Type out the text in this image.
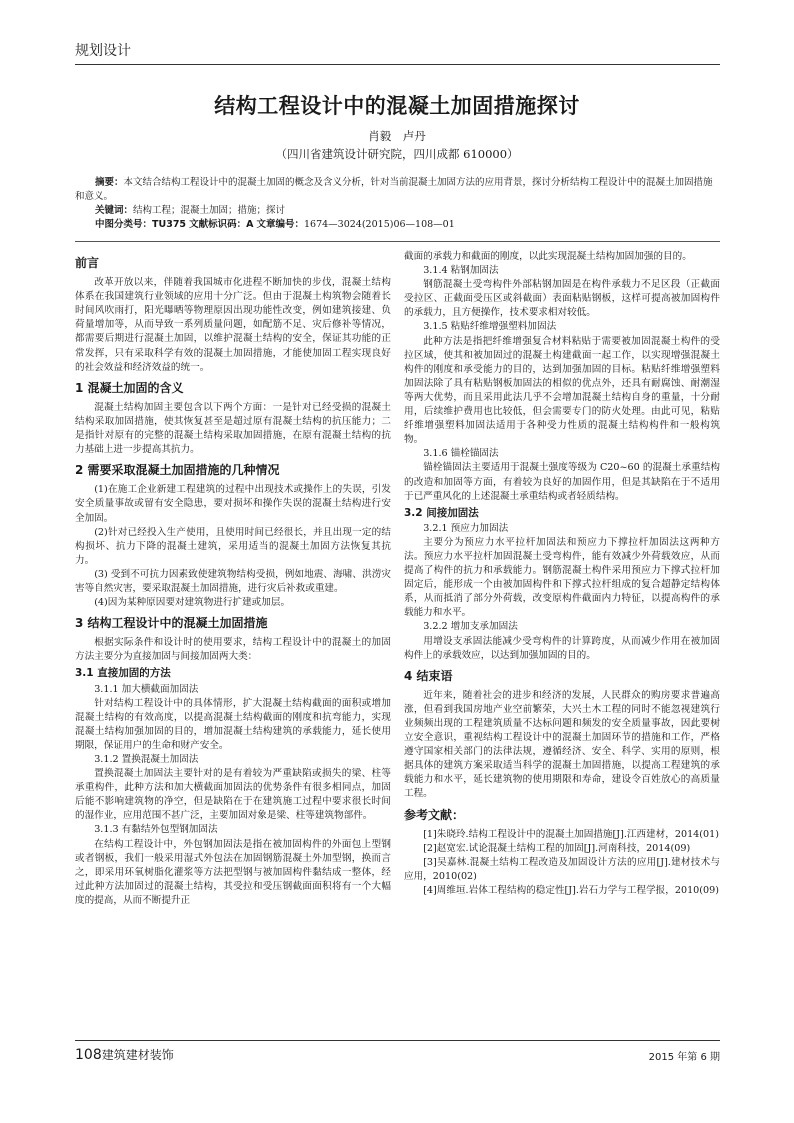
规划设计
结构工程设计中的混凝土加固措施探讨
肖毅　卢丹
（四川省建筑设计研究院，四川成都 610000）
摘要：本文结合结构工程设计中的混凝土加固的概念及含义分析，针对当前混凝土加固方法的应用背景，探讨分析结构工程设计中的混凝土加固措施和意义。
关键词：结构工程；混凝土加固；措施；探讨
中图分类号：TU375 文献标识码：A 文章编号：1674—3024(2015)06—108—01
前言

改革开放以来，伴随着我国城市化进程不断加快的步伐，混凝土结构体系在我国建筑行业领域的应用十分广泛。但由于混凝土构筑物会随着长时间风吹雨打，阳光曝晒等物理原因出现功能性改变，例如建筑接建、负荷量增加等，从而导致一系列质量问题，如配筋不足、灾后修补等情况，都需要后期进行混凝土加固，以维护混凝土结构的安全，保证其功能的正常发挥，只有采取科学有效的混凝土加固措施，才能使加固工程实现良好的社会效益和经济效益的统一。

1 混凝土加固的含义

混凝土结构加固主要包含以下两个方面：一是针对已经受损的混凝土结构采取加固措施，使其恢复甚至是超过原有混凝土结构的抗压能力；二是指针对原有的完整的混凝土结构采取加固措施，在原有混凝土结构的抗力基础上进一步提高其抗力。

2 需要采取混凝土加固措施的几种情况

(1)在施工企业新建工程建筑的过程中出现技术或操作上的失误，引发安全质量事故或留有安全隐患，要对损坏和操作失误的混凝土结构进行安全加固。

(2)针对已经投入生产使用，且使用时间已经很长，并且出现一定的结构损坏、抗力下降的混凝土建筑，采用适当的混凝土加固方法恢复其抗力。

(3) 受到不可抗力因素致使建筑物结构受损，例如地震、海啸、洪涝灾害等自然灾害，要采取混凝土加固措施，进行灾后补救或重建。

(4)因为某种原因要对建筑物进行扩建或加层。

3 结构工程设计中的混凝土加固措施

根据实际条件和设计时的使用要求，结构工程设计中的混凝土的加固方法主要分为直接加固与间接加固两大类：

3.1 直接加固的方法
3.1.1 加大横截面加固法

针对结构工程设计中的具体情形，扩大混凝土结构截面的面积或增加混凝土结构的有效高度，以提高混凝土结构截面的刚度和抗弯能力，实现混凝土结构加强加固的目的，增加混凝土结构建筑的承载能力，延长使用期限，保证用户的生命和财产安全。

3.1.2 置换混凝土加固法

置换混凝土加固法主要针对的是有着较为严重缺陷或损失的梁、柱等承重构件，此种方法和加大横截面加固法的优势条件有很多相同点，加固后能不影响建筑物的净空，但是缺陷在于在建筑施工过程中要求很长时间的湿作业，应用范围不甚广泛，主要加固对象是梁、柱等建筑物部件。

3.1.3 有黏结外包型钢加固法

在结构工程设计中，外包钢加固法是指在被加固构件的外面包上型钢或者钢板，我们一般采用湿式外包法在加固钢筋混凝土外加型钢，换而言之，即采用环氧树脂化灌浆等方法把型钢与被加固构件黏结成一整体，经过此种方法加固过的混凝土结构，其受拉和受压钢截面面积将有一个大幅度的提高，从而不断提升正

截面的承载力和截面的刚度，以此实现混凝土结构加固加强的目的。

3.1.4 粘钢加固法

钢筋混凝土受弯构件外部粘钢加固是在构件承载力不足区段（正截面受拉区、正截面受压区或斜截面）表面粘贴钢板，这样可提高被加固构件的承载力，且方便操作，技术要求相对较低。

3.1.5 粘贴纤维增强塑料加固法

此种方法是指把纤维增强复合材料粘贴于需要被加固混凝土构件的受拉区域，使其和被加固过的混凝土构建截面一起工作，以实现增强混凝土构件的刚度和承受能力的目的，达到加强加固的目标。粘贴纤维增强塑料加固法除了具有粘贴钢板加固法的相似的优点外，还具有耐腐蚀、耐潮湿等两大优势，而且采用此法几乎不会增加混凝土结构自身的重量，十分耐用，后续维护费用也比较低，但会需要专门的防火处理。由此可见，粘贴纤维增强塑料加固法适用于各种受力性质的混凝土结构构件和一般构筑物。

3.1.6 锚栓锚固法

锚栓锚固法主要适用于混凝土强度等级为 C20~60 的混凝土承重结构的改造和加固等方面，有着较为良好的加固作用，但是其缺陷在于不适用于已严重风化的上述混凝土承重结构或者轻质结构。

3.2 间接加固法
3.2.1 预应力加固法

主要分为预应力水平拉杆加固法和预应力下撑拉杆加固法这两种方法。预应力水平拉杆加固混凝土受弯构件，能有效减少外荷载效应，从而提高了构件的抗力和承载能力。钢筋混凝土构件采用预应力下撑式拉杆加固定后，能形成一个由被加固构件和下撑式拉杆组成的复合超静定结构体系，从而抵消了部分外荷载，改变原构件截面内力特征，以提高构件的承载能力和水平。

3.2.2 增加支承加固法

用增设支承固法能减少受弯构件的计算跨度，从而减少作用在被加固构件上的承载效应，以达到加强加固的目的。

4 结束语

近年来，随着社会的进步和经济的发展，人民群众的购房要求普遍高涨，但看到我国房地产业空前繁荣，大兴土木工程的同时不能忽视建筑行业频频出现的工程建筑质量不达标问题和频发的安全质量事故，因此要树立安全意识，重视结构工程设计中的混凝土加固环节的措施和工作，严格遵守国家相关部门的法律法规，遵循经济、安全、科学、实用的原则，根据具体的建筑方案采取适当科学的混凝土加固措施，以提高工程建筑的承载能力和水平，延长建筑物的使用期限和寿命，建设令百姓放心的高质量工程。

参考文献：

[1]朱晓玲.结构工程设计中的混凝土加固措施[J].江西建材，2014(01)

[2]赵宽宏.试论混凝土结构工程的加固[J].河南科技，2014(09)

[3]吴嘉林.混凝土结构工程改造及加固设计方法的应用[J].建材技术与应用，2010(02)

[4]周维垣.岩体工程结构的稳定性[J].岩石力学与工程学报，2010(09)

108建筑建材装饰	2015 年第 6 期
